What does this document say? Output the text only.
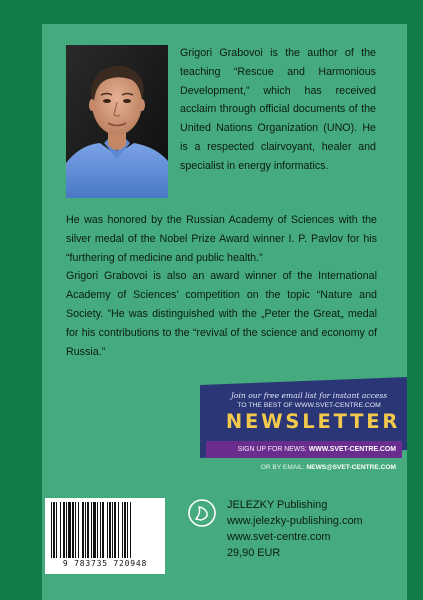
Grigori Grabovoi is the author of the teaching “Rescue and Harmonious Development,” which has received acclaim through official documents of the United Nations Organization (UNO). He is a respected clairvoyant, healer and specialist in energy informatics.

He was honored by the Russian Academy of Sciences with the silver medal of the Nobel Prize Award winner I. P. Pavlov for his “furthering of medicine and public health.”

Grigori Grabovoi is also an award winner of the International Academy of Sciences’ competition on the topic “Nature and Society. ”He was distinguished with the „Peter the Great„ medal for his contributions to the “revival of the science and economy of Russia.”

Join our free email list for instant access
TO THE BEST OF WWW.SVET-CENTRE.COM
NEWSLETTER
SIGN UP FOR NEWS: WWW.SVET-CENTRE.COM
OR BY EMAIL: NEWS@SVET-CENTRE.COM
9 783735 720948
JELEZKY Publishing
www.jelezky-publishing.com
www.svet-centre.com
29,90 EUR
